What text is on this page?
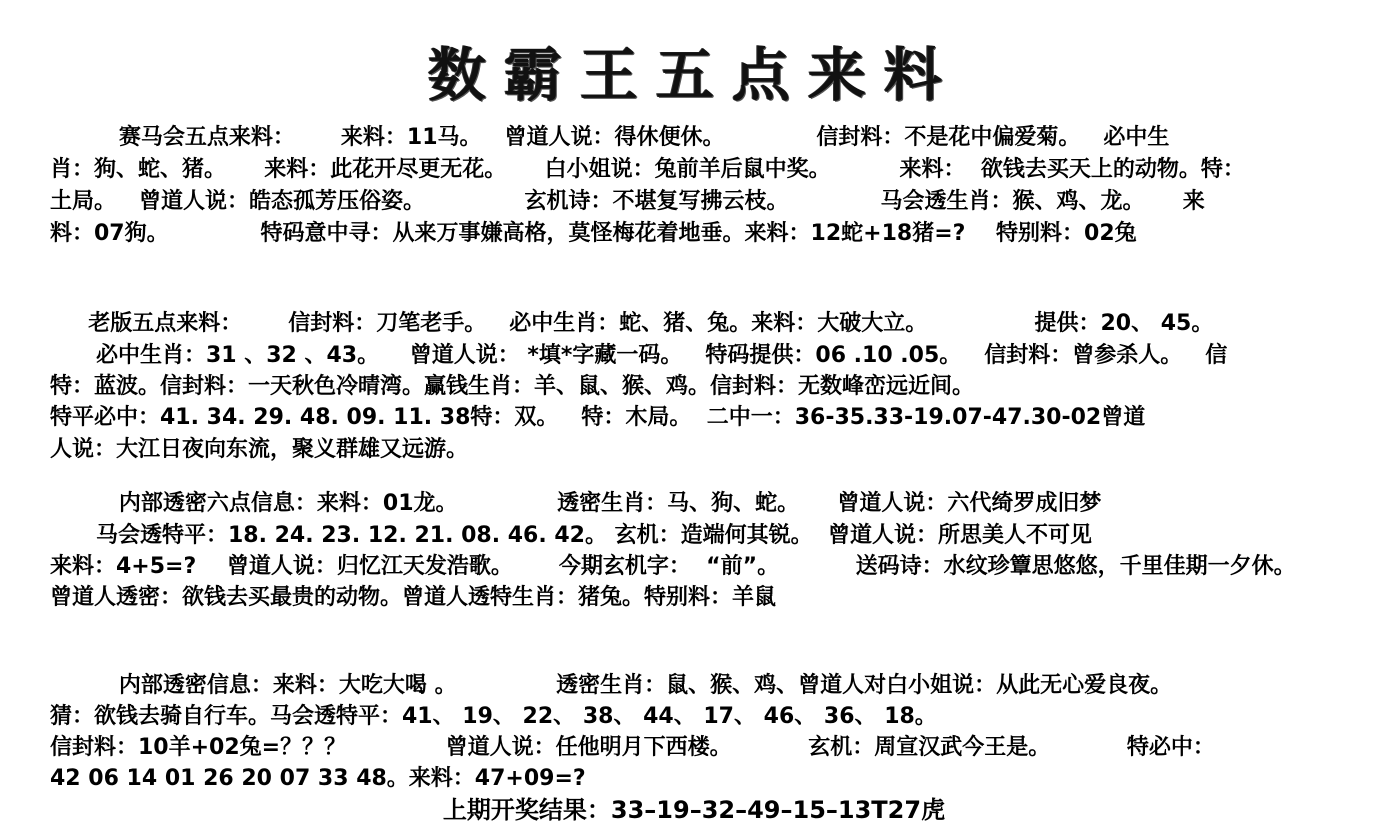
数霸王五点来料
赛马会五点来料：      来料：11马。   曾道人说：得休便休。            信封料：不是花中偏爱菊。   必中生
肖：狗、蛇、猪。     来料：此花开尽更无花。     白小姐说：兔前羊后鼠中奖。         来料：  欲钱去买天上的动物。特：
土局。   曾道人说：皓态孤芳压俗姿。             玄机诗：不堪复写拂云枝。            马会透生肖：猴、鸡、龙。     来
料：07狗。            特码意中寻：从来万事嫌高格，莫怪梅花着地垂。来料：12蛇+18猪=?    特别料：02兔
老版五点来料：      信封料：刀笔老手。   必中生肖：蛇、猪、兔。来料：大破大立。              提供：20、 45。
必中生肖：31 、32 、43。    曾道人说： *填*字藏一码。   特码提供：06 .10 .05。   信封料：曾参杀人。   信
特：蓝波。信封料：一天秋色冷晴湾。赢钱生肖：羊、鼠、猴、鸡。信封料：无数峰峦远近间。
特平必中：41. 34. 29. 48. 09. 11. 38特：双。   特：木局。  二中一：36-35.33-19.07-47.30-02曾道
人说：大江日夜向东流，聚义群雄又远游。
内部透密六点信息：来料：01龙。             透密生肖：马、狗、蛇。     曾道人说：六代绮罗成旧梦
马会透特平：18. 24. 23. 12. 21. 08. 46. 42。 玄机：造端何其锐。  曾道人说：所思美人不可见
来料：4+5=?    曾道人说：归忆江天发浩歌。      今期玄机字：  “前”。          送码诗：水纹珍簟思悠悠，千里佳期一夕休。
曾道人透密：欲钱去买最贵的动物。曾道人透特生肖：猪兔。特别料：羊鼠
内部透密信息：来料：大吃大喝 。             透密生肖：鼠、猴、鸡、曾道人对白小姐说：从此无心爱良夜。
猜：欲钱去骑自行车。马会透特平：41、 19、 22、 38、 44、 17、 46、 36、 18。
信封料：10羊+02兔=？？？             曾道人说：任他明月下西楼。          玄机：周宣汉武今王是。          特必中：
42 06 14 01 26 20 07 33 48。来料：47+09=?
上期开奖结果：33–19–32–49–15–13T27虎
